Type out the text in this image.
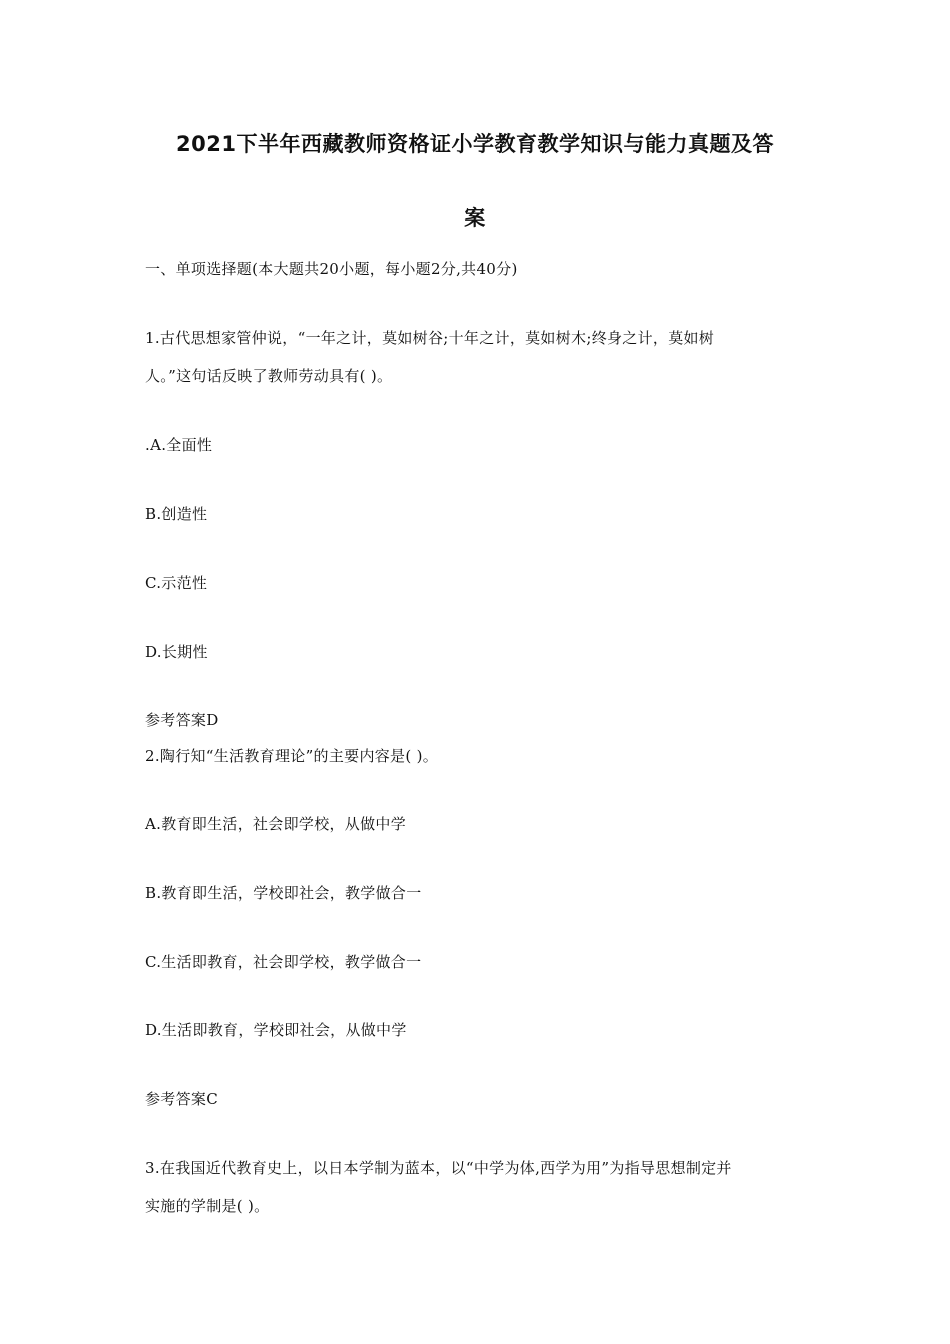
2021下半年西藏教师资格证小学教育教学知识与能力真题及答
案
一、单项选择题(本大题共20小题，每小题2分,共40分)
1.古代思想家管仲说，“一年之计，莫如树谷;十年之计，莫如树木;终身之计，莫如树
人。”这句话反映了教师劳动具有( )。
.A.全面性
B.创造性
C.示范性
D.长期性
参考答案D
2.陶行知“生活教育理论”的主要内容是( )。
A.教育即生活，社会即学校，从做中学
B.教育即生活，学校即社会，教学做合一
C.生活即教育，社会即学校，教学做合一
D.生活即教育，学校即社会，从做中学
参考答案C
3.在我国近代教育史上，以日本学制为蓝本，以“中学为体,西学为用”为指导思想制定并
实施的学制是( )。
